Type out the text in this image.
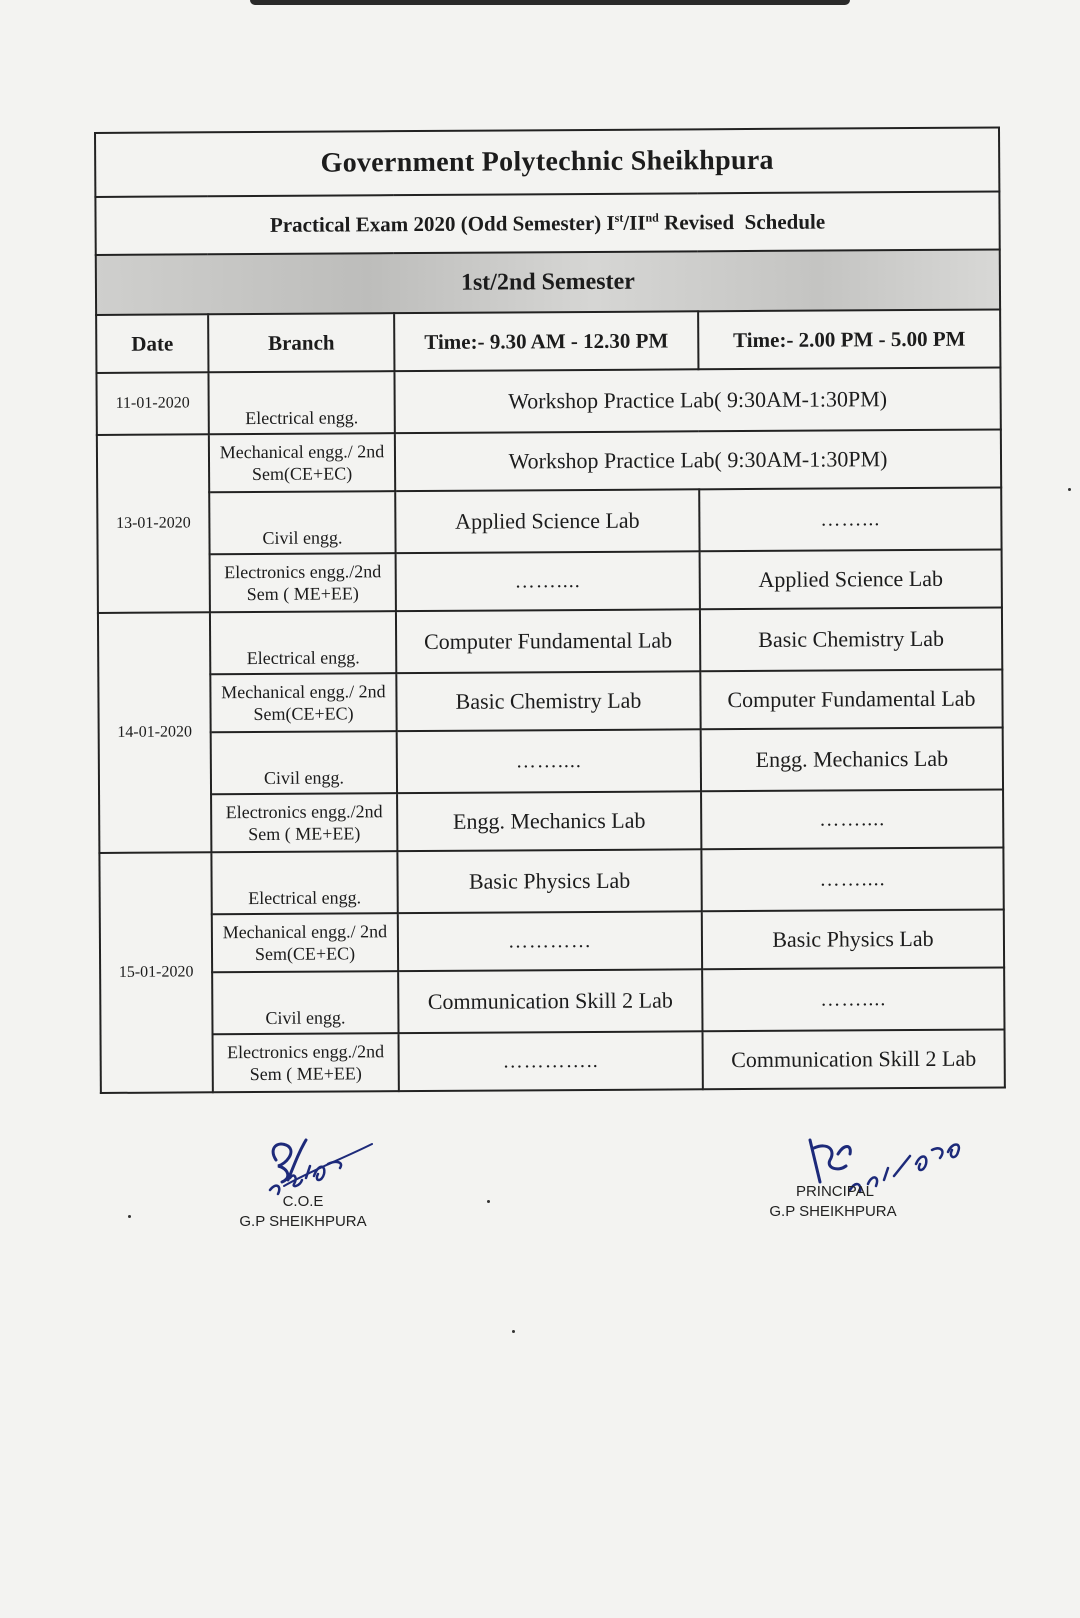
Government Polytechnic Sheikhpura			
Practical Exam 2020 (Odd Semester) Ist/IInd Revised  Schedule			
1st/2nd Semester			
Date	Branch	Time:- 9.30 AM - 12.30 PM	Time:- 2.00 PM - 5.00 PM
11-01-2020	Electrical engg.	Workshop Practice Lab( 9:30AM-1:30PM)	
13-01-2020	Mechanical engg./ 2nd Sem(CE+EC)	Workshop Practice Lab( 9:30AM-1:30PM)	
	Civil engg.	Applied Science Lab	……...
	Electronics engg./2nd Sem ( ME+EE)	……....	Applied Science Lab
14-01-2020	Electrical engg.	Computer Fundamental Lab	Basic Chemistry Lab
	Mechanical engg./ 2nd Sem(CE+EC)	Basic Chemistry Lab	Computer Fundamental Lab
	Civil engg.	……....	Engg. Mechanics Lab
	Electronics engg./2nd Sem ( ME+EE)	Engg. Mechanics Lab	……....
15-01-2020	Electrical engg.	Basic Physics Lab	……....
	Mechanical engg./ 2nd Sem(CE+EC)	…………	Basic Physics Lab
	Civil engg.	Communication Skill 2 Lab	……....
	Electronics engg./2nd Sem ( ME+EE)	…………..	Communication Skill 2 Lab
C.O.E
G.P SHEIKHPURA
PRINCIPAL
G.P SHEIKHPURA
